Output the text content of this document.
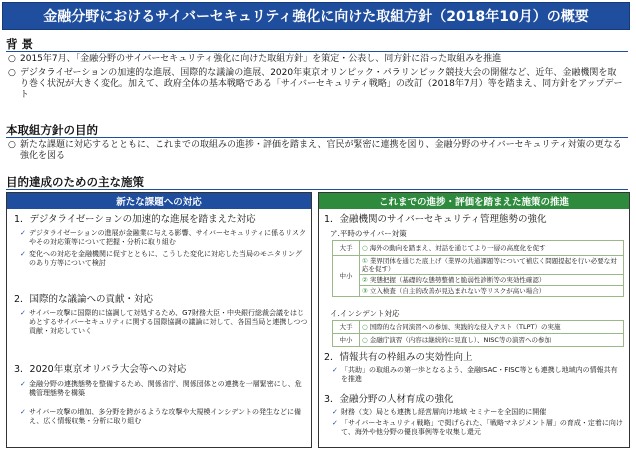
金融分野におけるサイバーセキュリティ強化に向けた取組方針（2018年10月）の概要
背 景
○ 2015年7月、「金融分野のサイバーセキュリティ強化に向けた取組方針」を策定・公表し、同方針に沿った取組みを推進
○ デジタライゼーションの加速的な進展、国際的な議論の進展、2020年東京オリンピック・パラリンピック競技大会の開催など、近年、金融機関を取り巻く状況が大きく変化。加えて、政府全体の基本戦略である「サイバーセキュリティ戦略」の改訂（2018年7月）等を踏まえ、同方針をアップデート
本取組方針の目的
○ 新たな課題に対応するとともに、これまでの取組みの進捗・評価を踏まえ、官民が緊密に連携を図り、金融分野のサイバーセキュリティ対策の更なる強化を図る
目的達成のための主な施策
新たな課題への対応
1．デジタライゼーションの加速的な進展を踏まえた対応
✓ デジタライゼーションの進展が金融業に与える影響、サイバーセキュリティに係るリスクやその対応策等について把握・分析に取り組む
✓ 変化への対応を金融機関に促すとともに、こうした変化に対応した当局のモニタリングのあり方等について検討
2．国際的な議論への貢献・対応
✓ サイバー攻撃に国際的に協調して対処するため、G7財務大臣・中央銀行総裁会議をはじめとするサイバーセキュリティに関する国際協調の議論に対して、各国当局と連携しつつ貢献・対応していく
3．2020年東京オリパラ大会等への対応
✓ 金融分野の連携態勢を整備するため、関係省庁、関係団体との連携を一層緊密にし、危機管理態勢を構築
✓ サイバー攻撃の増加、多分野を跨がるような攻撃や大規模インシデントの発生などに備え、広く情報収集・分析に取り組む
これまでの進捗・評価を踏まえた施策の推進
1．金融機関のサイバーセキュリティ管理態勢の強化
ア.平時のサイバー対策
大手	○ 海外の動向を踏まえ、対話を通じてより一層の高度化を促す
中小	① 業界団体を通じた底上げ（業界の共通課題等について補広く問題提起を行い必要な対応を促す）
	② 実態把握（基礎的な態勢整備と脆弱性診断等の実効性確認）
	③ 立入検査（自主的改善が見込まれない等リスクが高い場合）
イ.インシデント対応
大手	○ 国際的な合同演習への参加、実践的な侵入テスト（TLPT）の実施
中小	○ 金融庁演習（内容は継続的に見直し）、NISC等の演習への参加
2．情報共有の枠組みの実効性向上
✓ 「共助」の取組みの第一歩となるよう、金融ISAC・FISC等とも連携し地域内の情報共有を推進
3．金融分野の人材育成の強化
✓ 財務（支）局とも連携し経営層向け地域 セミナーを全国的に開催
✓ 「サイバーセキュリティ戦略」で掲げられた、「戦略マネジメント層」の育成・定着に向けて、海外や他分野の優良事例等を収集し還元
